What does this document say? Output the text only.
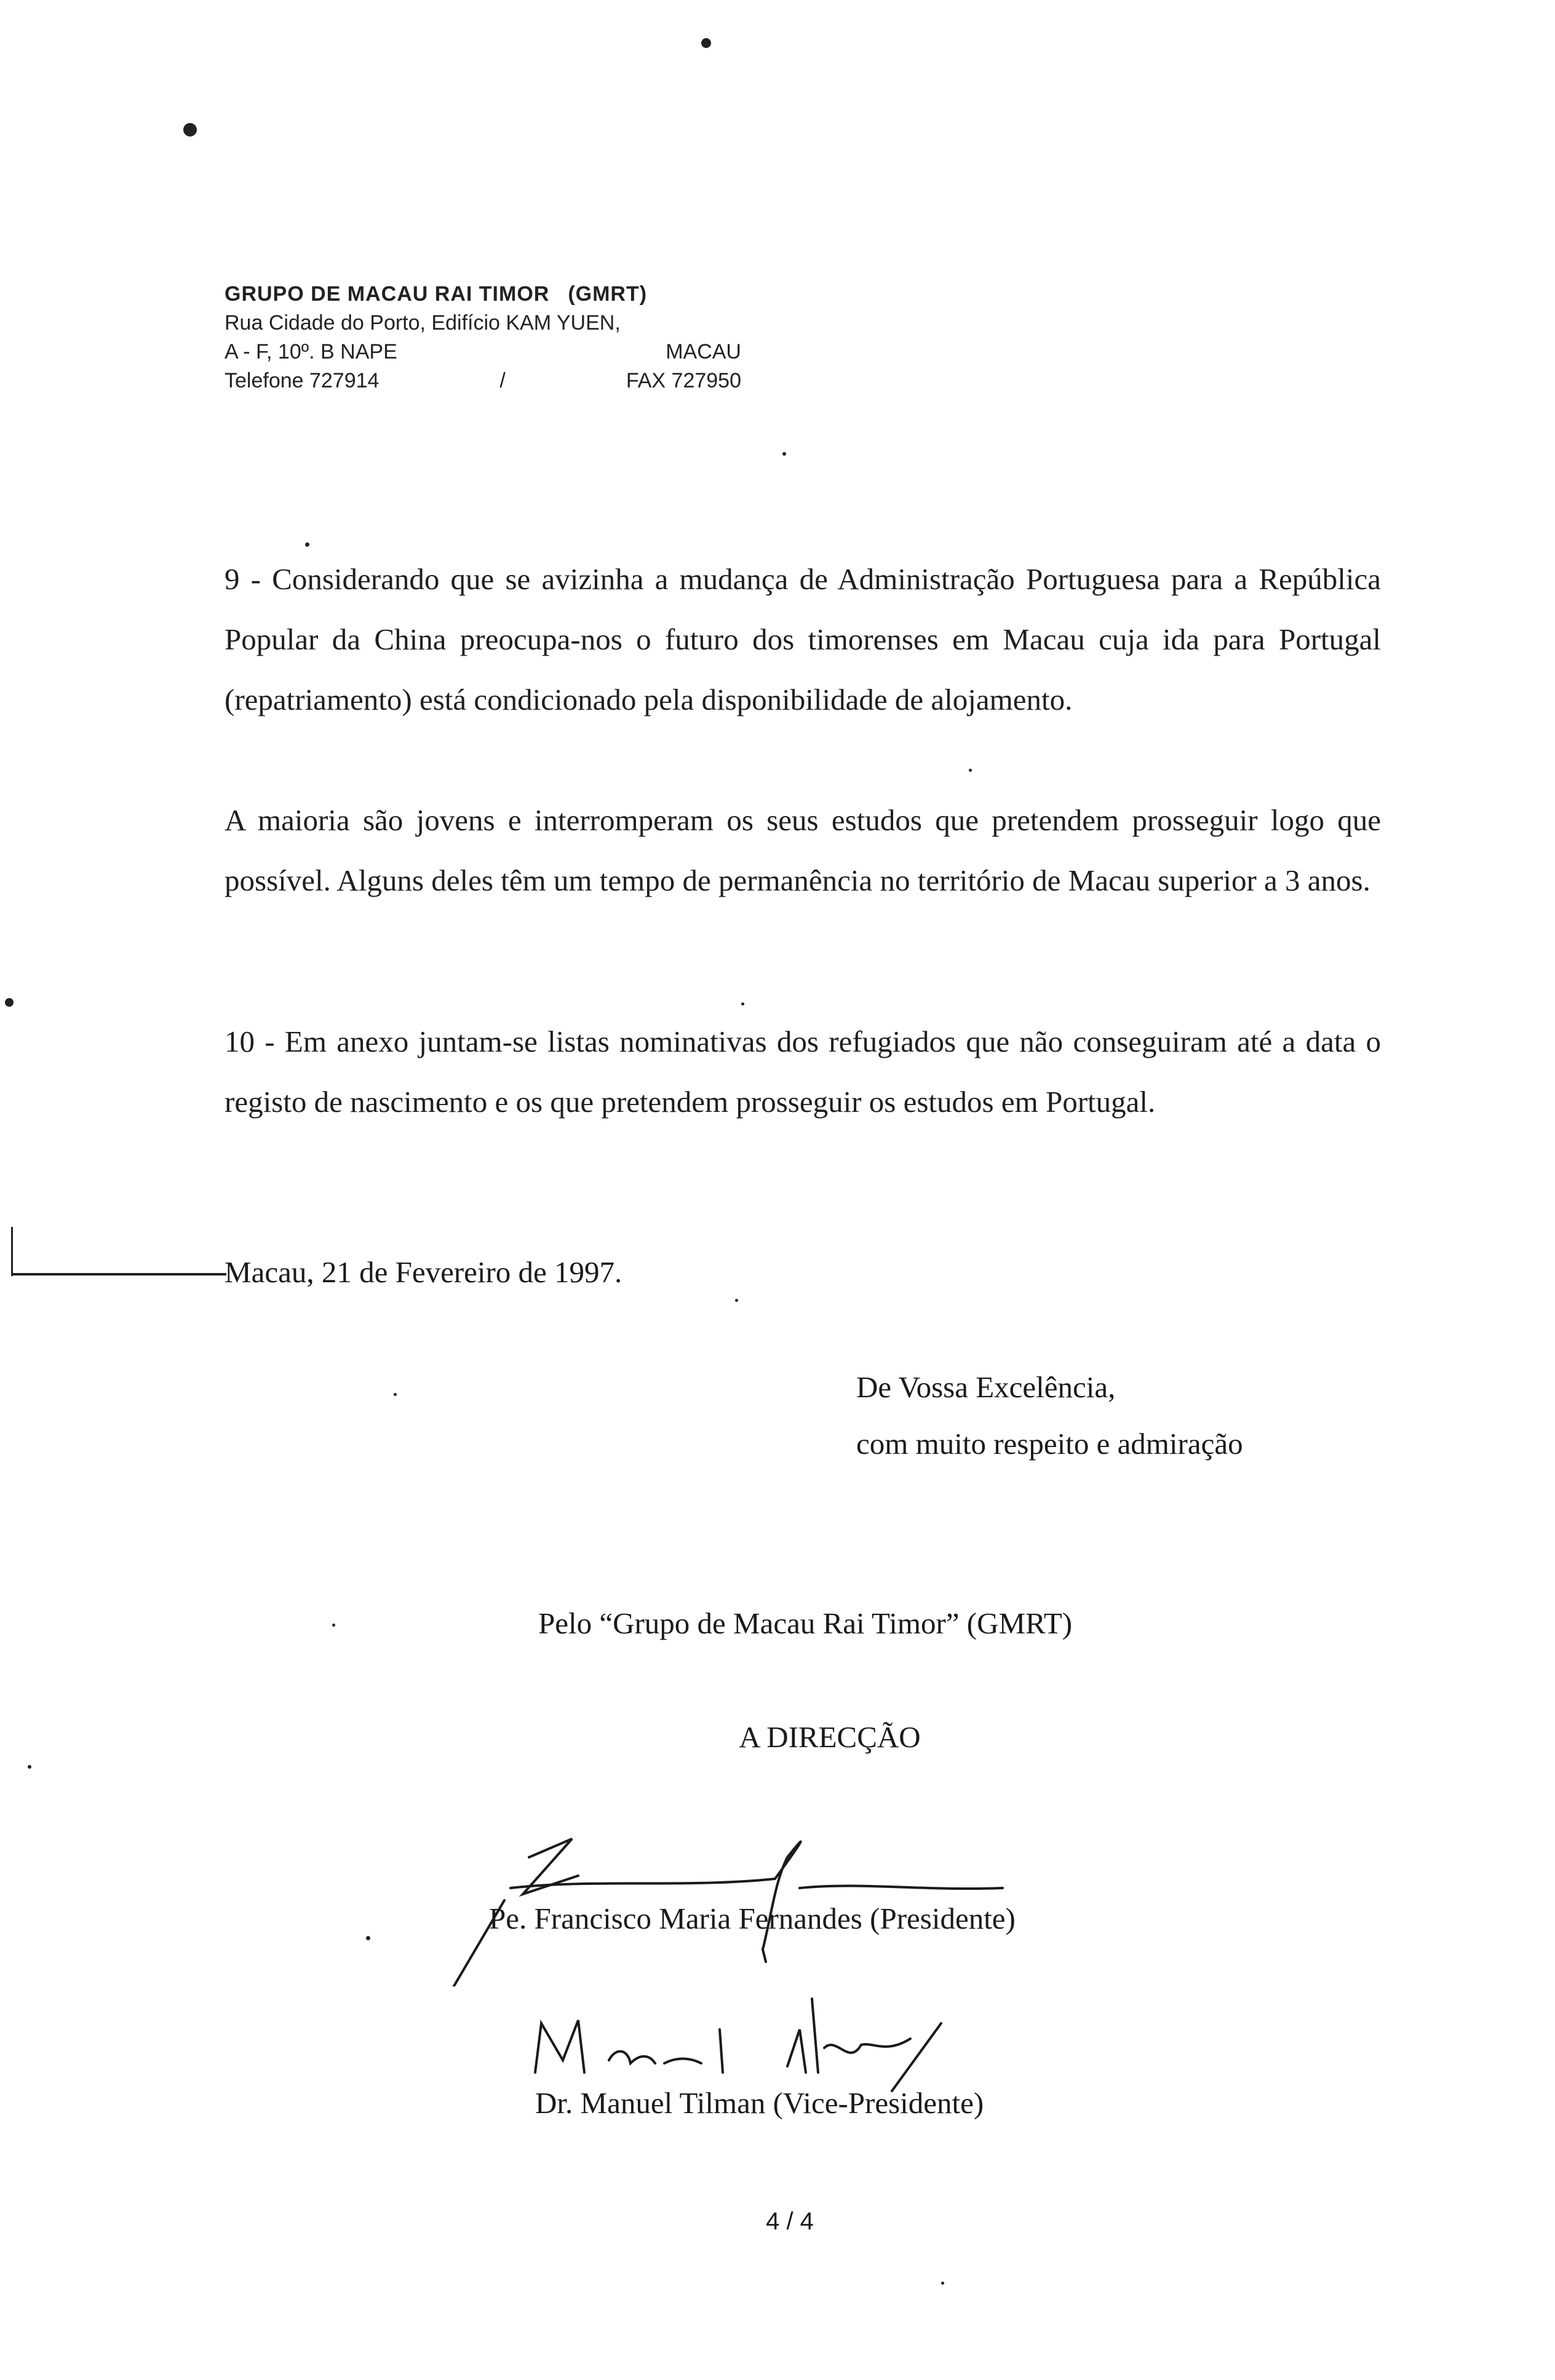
GRUPO DE MACAU RAI TIMOR (GMRT)
Rua Cidade do Porto, Edifício KAM YUEN,
A - F, 10º. B NAPE	MACAU
Telefone 727914	/	FAX 727950

9 - Considerando que se avizinha a mudança de Administração Portuguesa para a República Popular da China preocupa-nos o futuro dos timorenses em Macau cuja ida para Portugal (repatriamento) está condicionado pela disponibilidade de alojamento.

A maioria são jovens e interromperam os seus estudos que pretendem prosseguir logo que possível. Alguns deles têm um tempo de permanência no território de Macau superior a 3 anos.

10 - Em anexo juntam-se listas nominativas dos refugiados que não conseguiram até a data o registo de nascimento e os que pretendem prosseguir os estudos em Portugal.

Macau, 21 de Fevereiro de 1997.
De Vossa Excelência,
com muito respeito e admiração
Pelo “Grupo de Macau Rai Timor” (GMRT)
A DIRECÇÃO
Pe. Francisco Maria Fernandes (Presidente)
Dr. Manuel Tilman (Vice-Presidente)
4 / 4
